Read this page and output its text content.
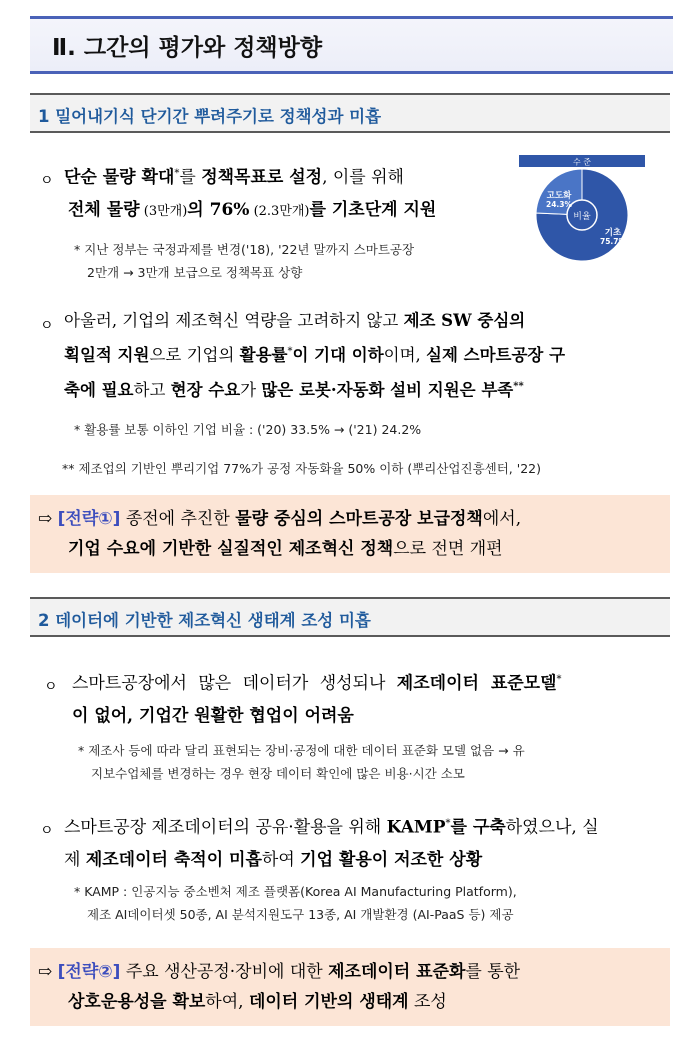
Ⅱ. 그간의 평가와 정책방향
1 밀어내기식 단기간 뿌려주기로 정책성과 미흡
ㅇ 단순 물량 확대*를 정책목표로 설정, 이를 위해
전체 물량 (3만개)의 76% (2.3만개)를 기초단계 지원
수 준
비율
고도화
24.3%
기초
75.7%
* 지난 정부는 국정과제를 변경('18), '22년 말까지 스마트공장
2만개 → 3만개 보급으로 정책목표 상향
ㅇ 아울러, 기업의 제조혁신 역량을 고려하지 않고 제조 SW 중심의
획일적 지원으로 기업의 활용률*이 기대 이하이며, 실제 스마트공장 구
축에 필요하고 현장 수요가 많은 로봇·자동화 설비 지원은 부족**
* 활용률 보통 이하인 기업 비율 : ('20) 33.5% → ('21) 24.2%
** 제조업의 기반인 뿌리기업 77%가 공정 자동화율 50% 이하 (뿌리산업진흥센터, '22)
⇨ [전략①] 종전에 추진한 물량 중심의 스마트공장 보급정책에서,
기업 수요에 기반한 실질적인 제조혁신 정책으로 전면 개편
2 데이터에 기반한 제조혁신 생태계 조성 미흡
ㅇ 스마트공장에서 많은 데이터가 생성되나 제조데이터 표준모델*
이 없어, 기업간 원활한 협업이 어려움
* 제조사 등에 따라 달리 표현되는 장비·공정에 대한 데이터 표준화 모델 없음 → 유
지보수업체를 변경하는 경우 현장 데이터 확인에 많은 비용·시간 소모
ㅇ 스마트공장 제조데이터의 공유·활용을 위해 KAMP*를 구축하였으나, 실
제 제조데이터 축적이 미흡하여 기업 활용이 저조한 상황
* KAMP : 인공지능 중소벤처 제조 플랫폼(Korea AI Manufacturing Platform),
제조 AI데이터셋 50종, AI 분석지원도구 13종, AI 개발환경 (AI-PaaS 등) 제공
⇨ [전략②] 주요 생산공정·장비에 대한 제조데이터 표준화를 통한
상호운용성을 확보하여, 데이터 기반의 생태계 조성
